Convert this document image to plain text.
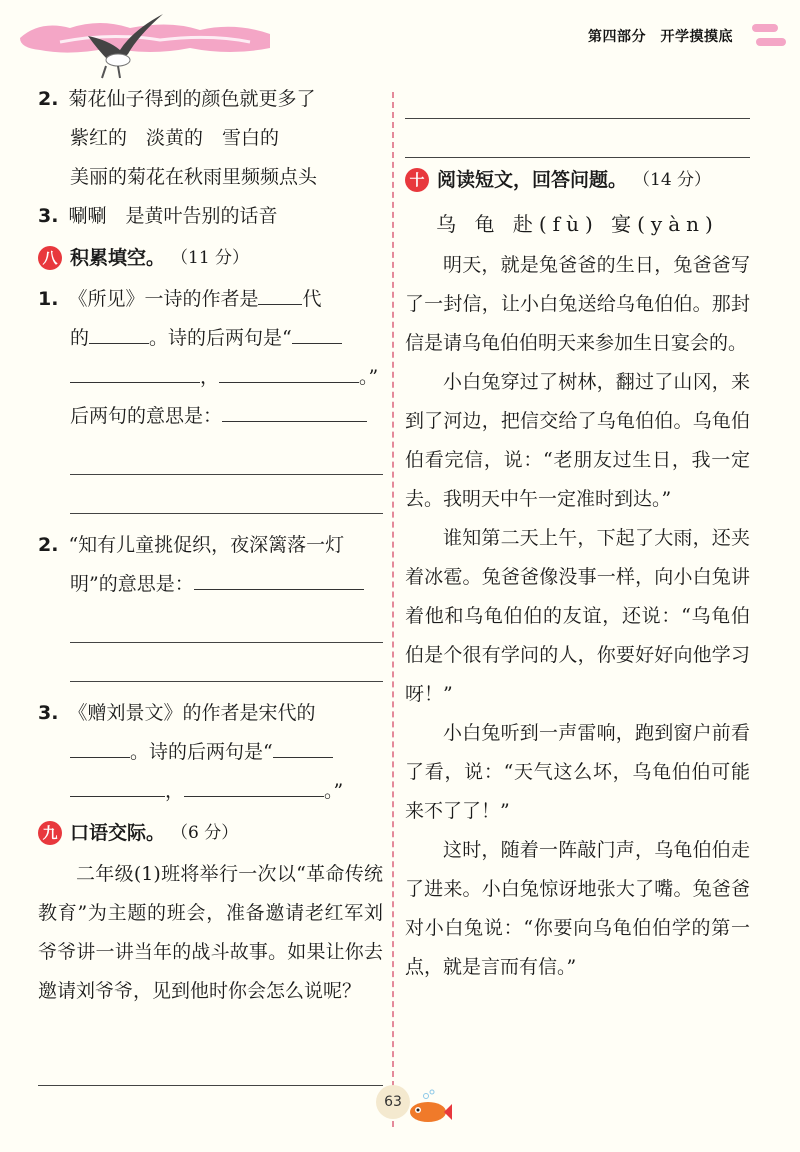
第四部分　开学摸摸底
2. 菊花仙子得到的颜色就更多了
紫红的　淡黄的　雪白的
美丽的菊花在秋雨里频频点头
3. 唰唰　是黄叶告别的话音
八 积累填空。 （11 分）
1. 《所见》一诗的作者是 代
的	。诗的后两句是“
，	。”
后两句的意思是：
2. “知有儿童挑促织，夜深篱落一灯
明”的意思是：
3. 《赠刘景文》的作者是宋代的
。诗的后两句是“
，	。”
九 口语交际。 （6 分）
二年级(1)班将举行一次以“革命传统教育”为主题的班会，准备邀请老红军刘爷爷讲一讲当年的战斗故事。如果让你去邀请刘爷爷，见到他时你会怎么说呢？
十 阅读短文，回答问题。 （14 分）
乌 龟 赴(fù) 宴(yàn)
明天，就是兔爸爸的生日，兔爸爸写了一封信，让小白兔送给乌龟伯伯。那封信是请乌龟伯伯明天来参加生日宴会的。
小白兔穿过了树林，翻过了山冈，来到了河边，把信交给了乌龟伯伯。乌龟伯伯看完信，说：“老朋友过生日，我一定去。我明天中午一定准时到达。”
谁知第二天上午，下起了大雨，还夹着冰雹。兔爸爸像没事一样，向小白兔讲着他和乌龟伯伯的友谊，还说：“乌龟伯伯是个很有学问的人，你要好好向他学习呀！”
小白兔听到一声雷响，跑到窗户前看了看，说：“天气这么坏，乌龟伯伯可能来不了了！”
这时，随着一阵敲门声，乌龟伯伯走了进来。小白兔惊讶地张大了嘴。兔爸爸对小白兔说：“你要向乌龟伯伯学的第一点，就是言而有信。”
63
